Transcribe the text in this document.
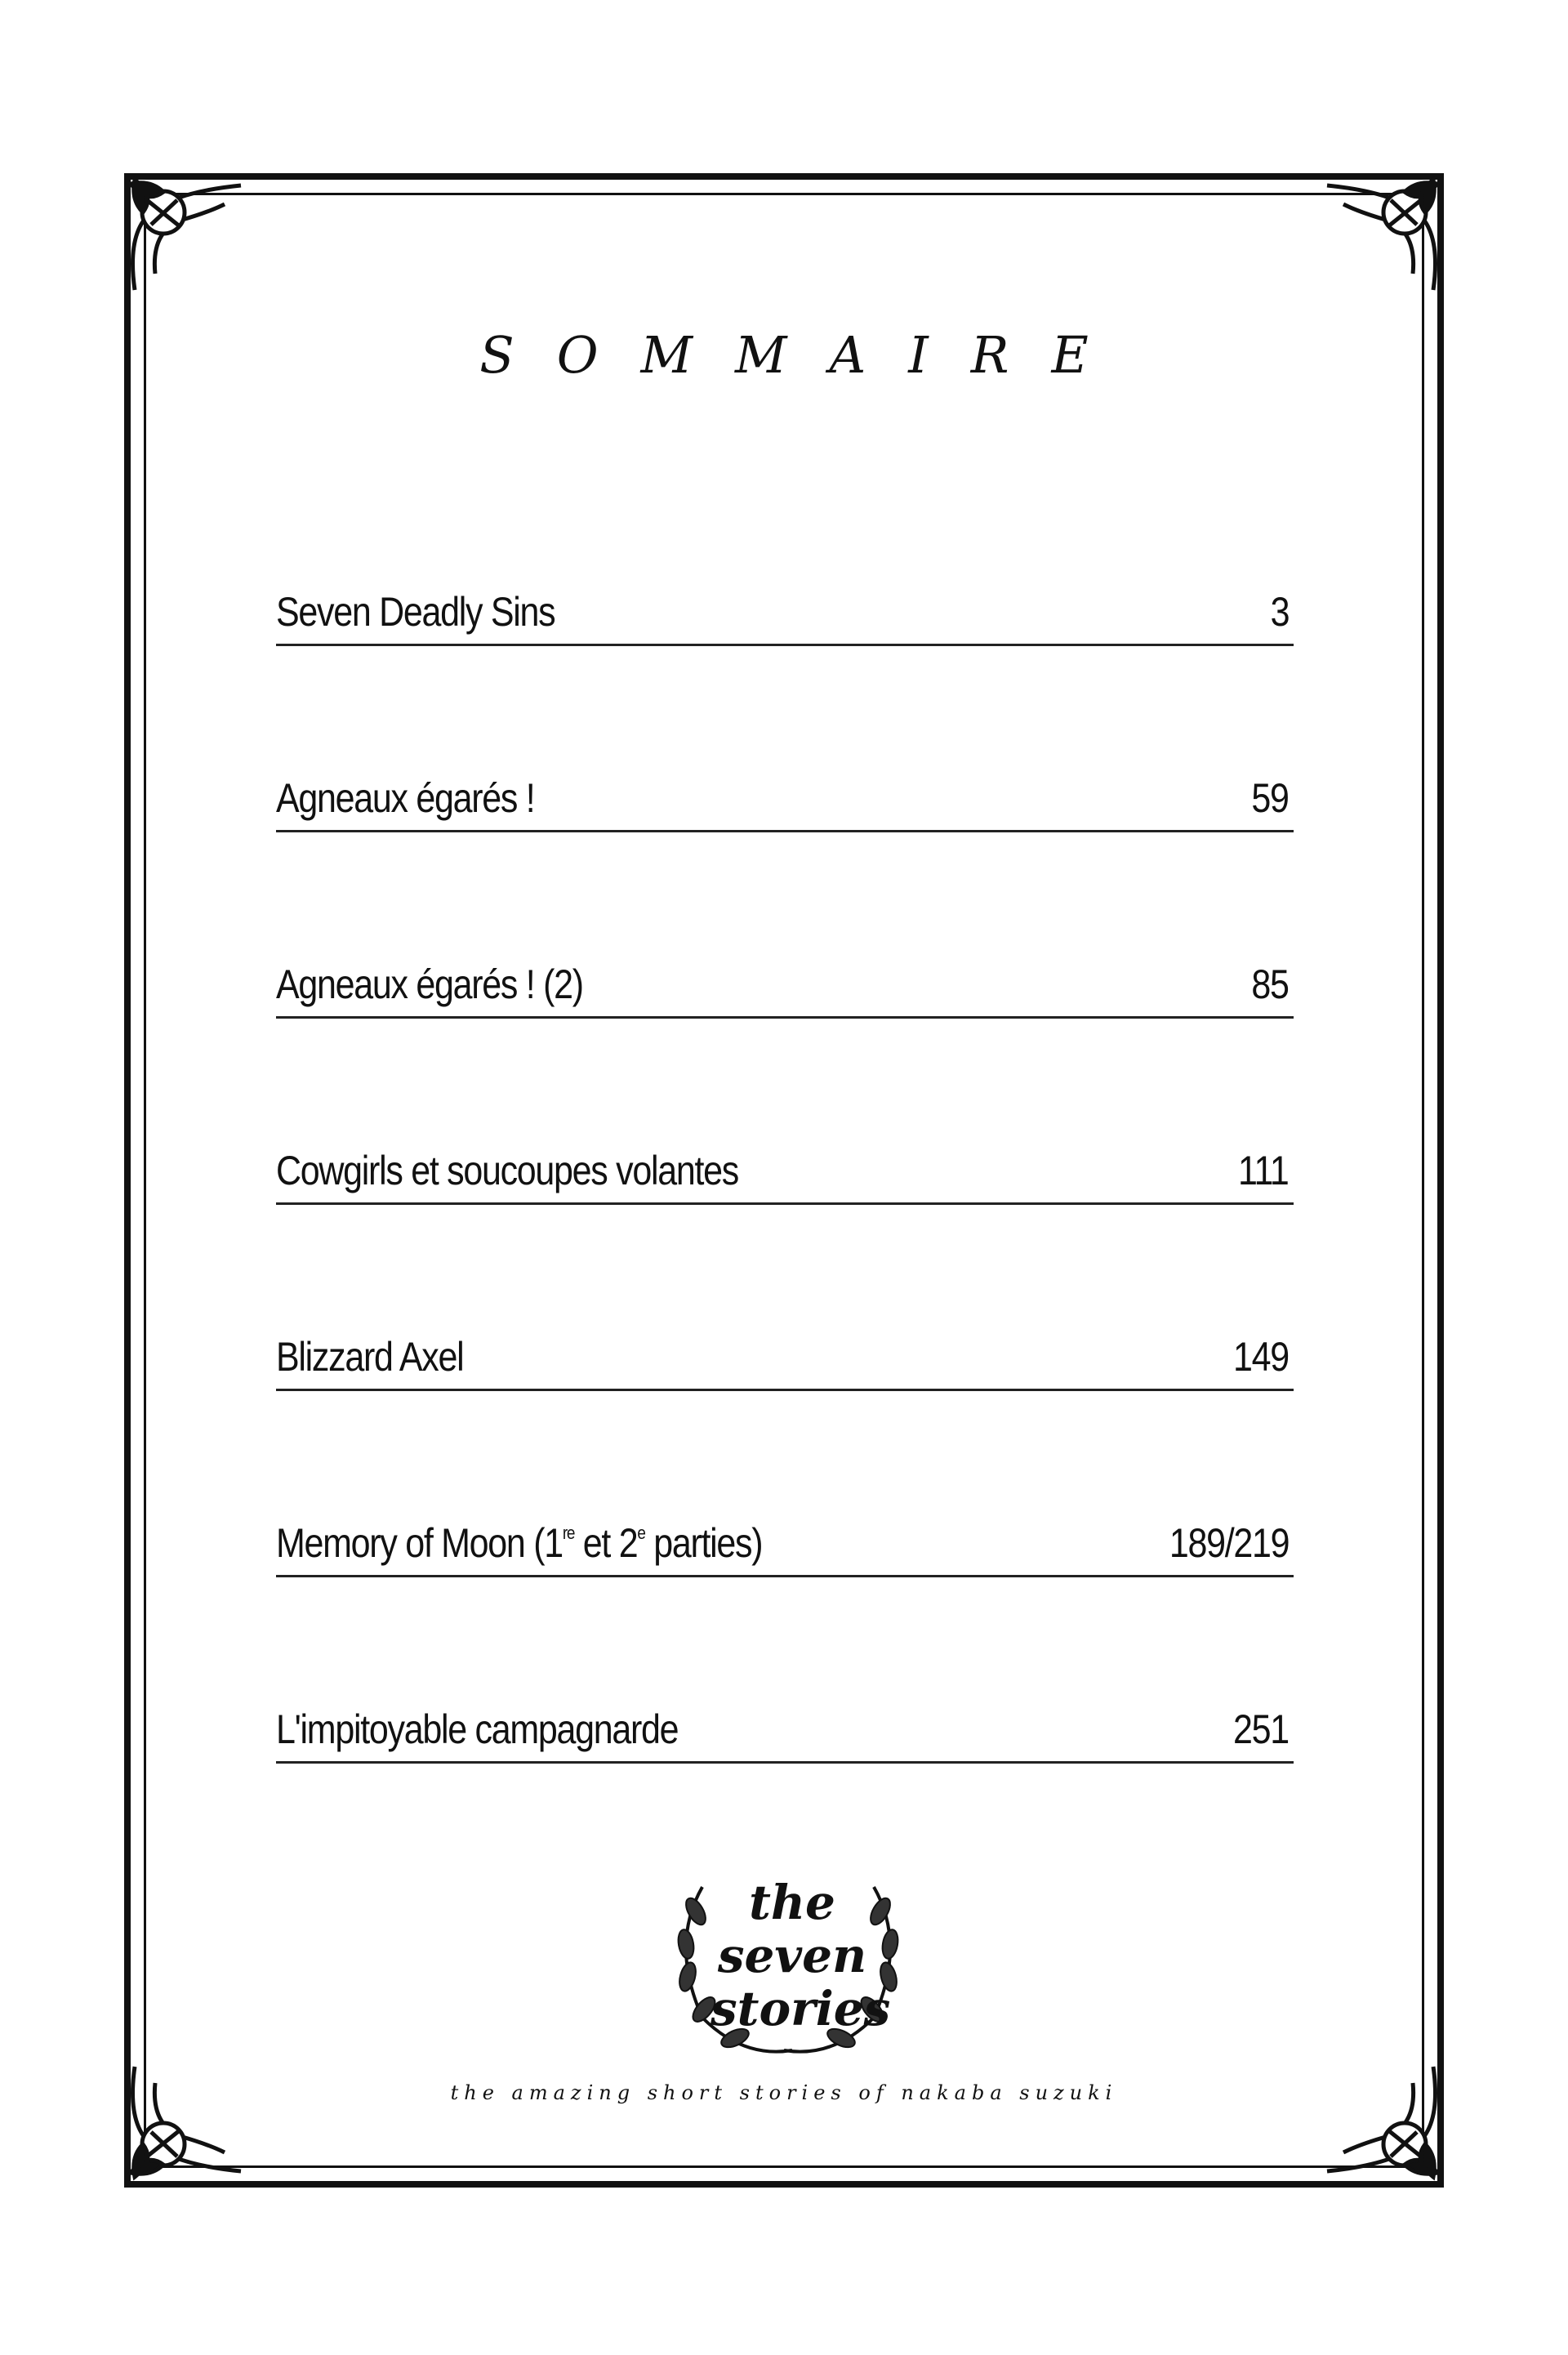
SOMMAIRE
Seven Deadly Sins	3
Agneaux égarés !	59
Agneaux égarés ! (2)	85
Cowgirls et soucoupes volantes	111
Blizzard Axel	149
Memory of Moon (1re et 2e parties)	189/219
L'impitoyable campagnarde	251
the
seven
stories
the amazing short stories of nakaba suzuki
